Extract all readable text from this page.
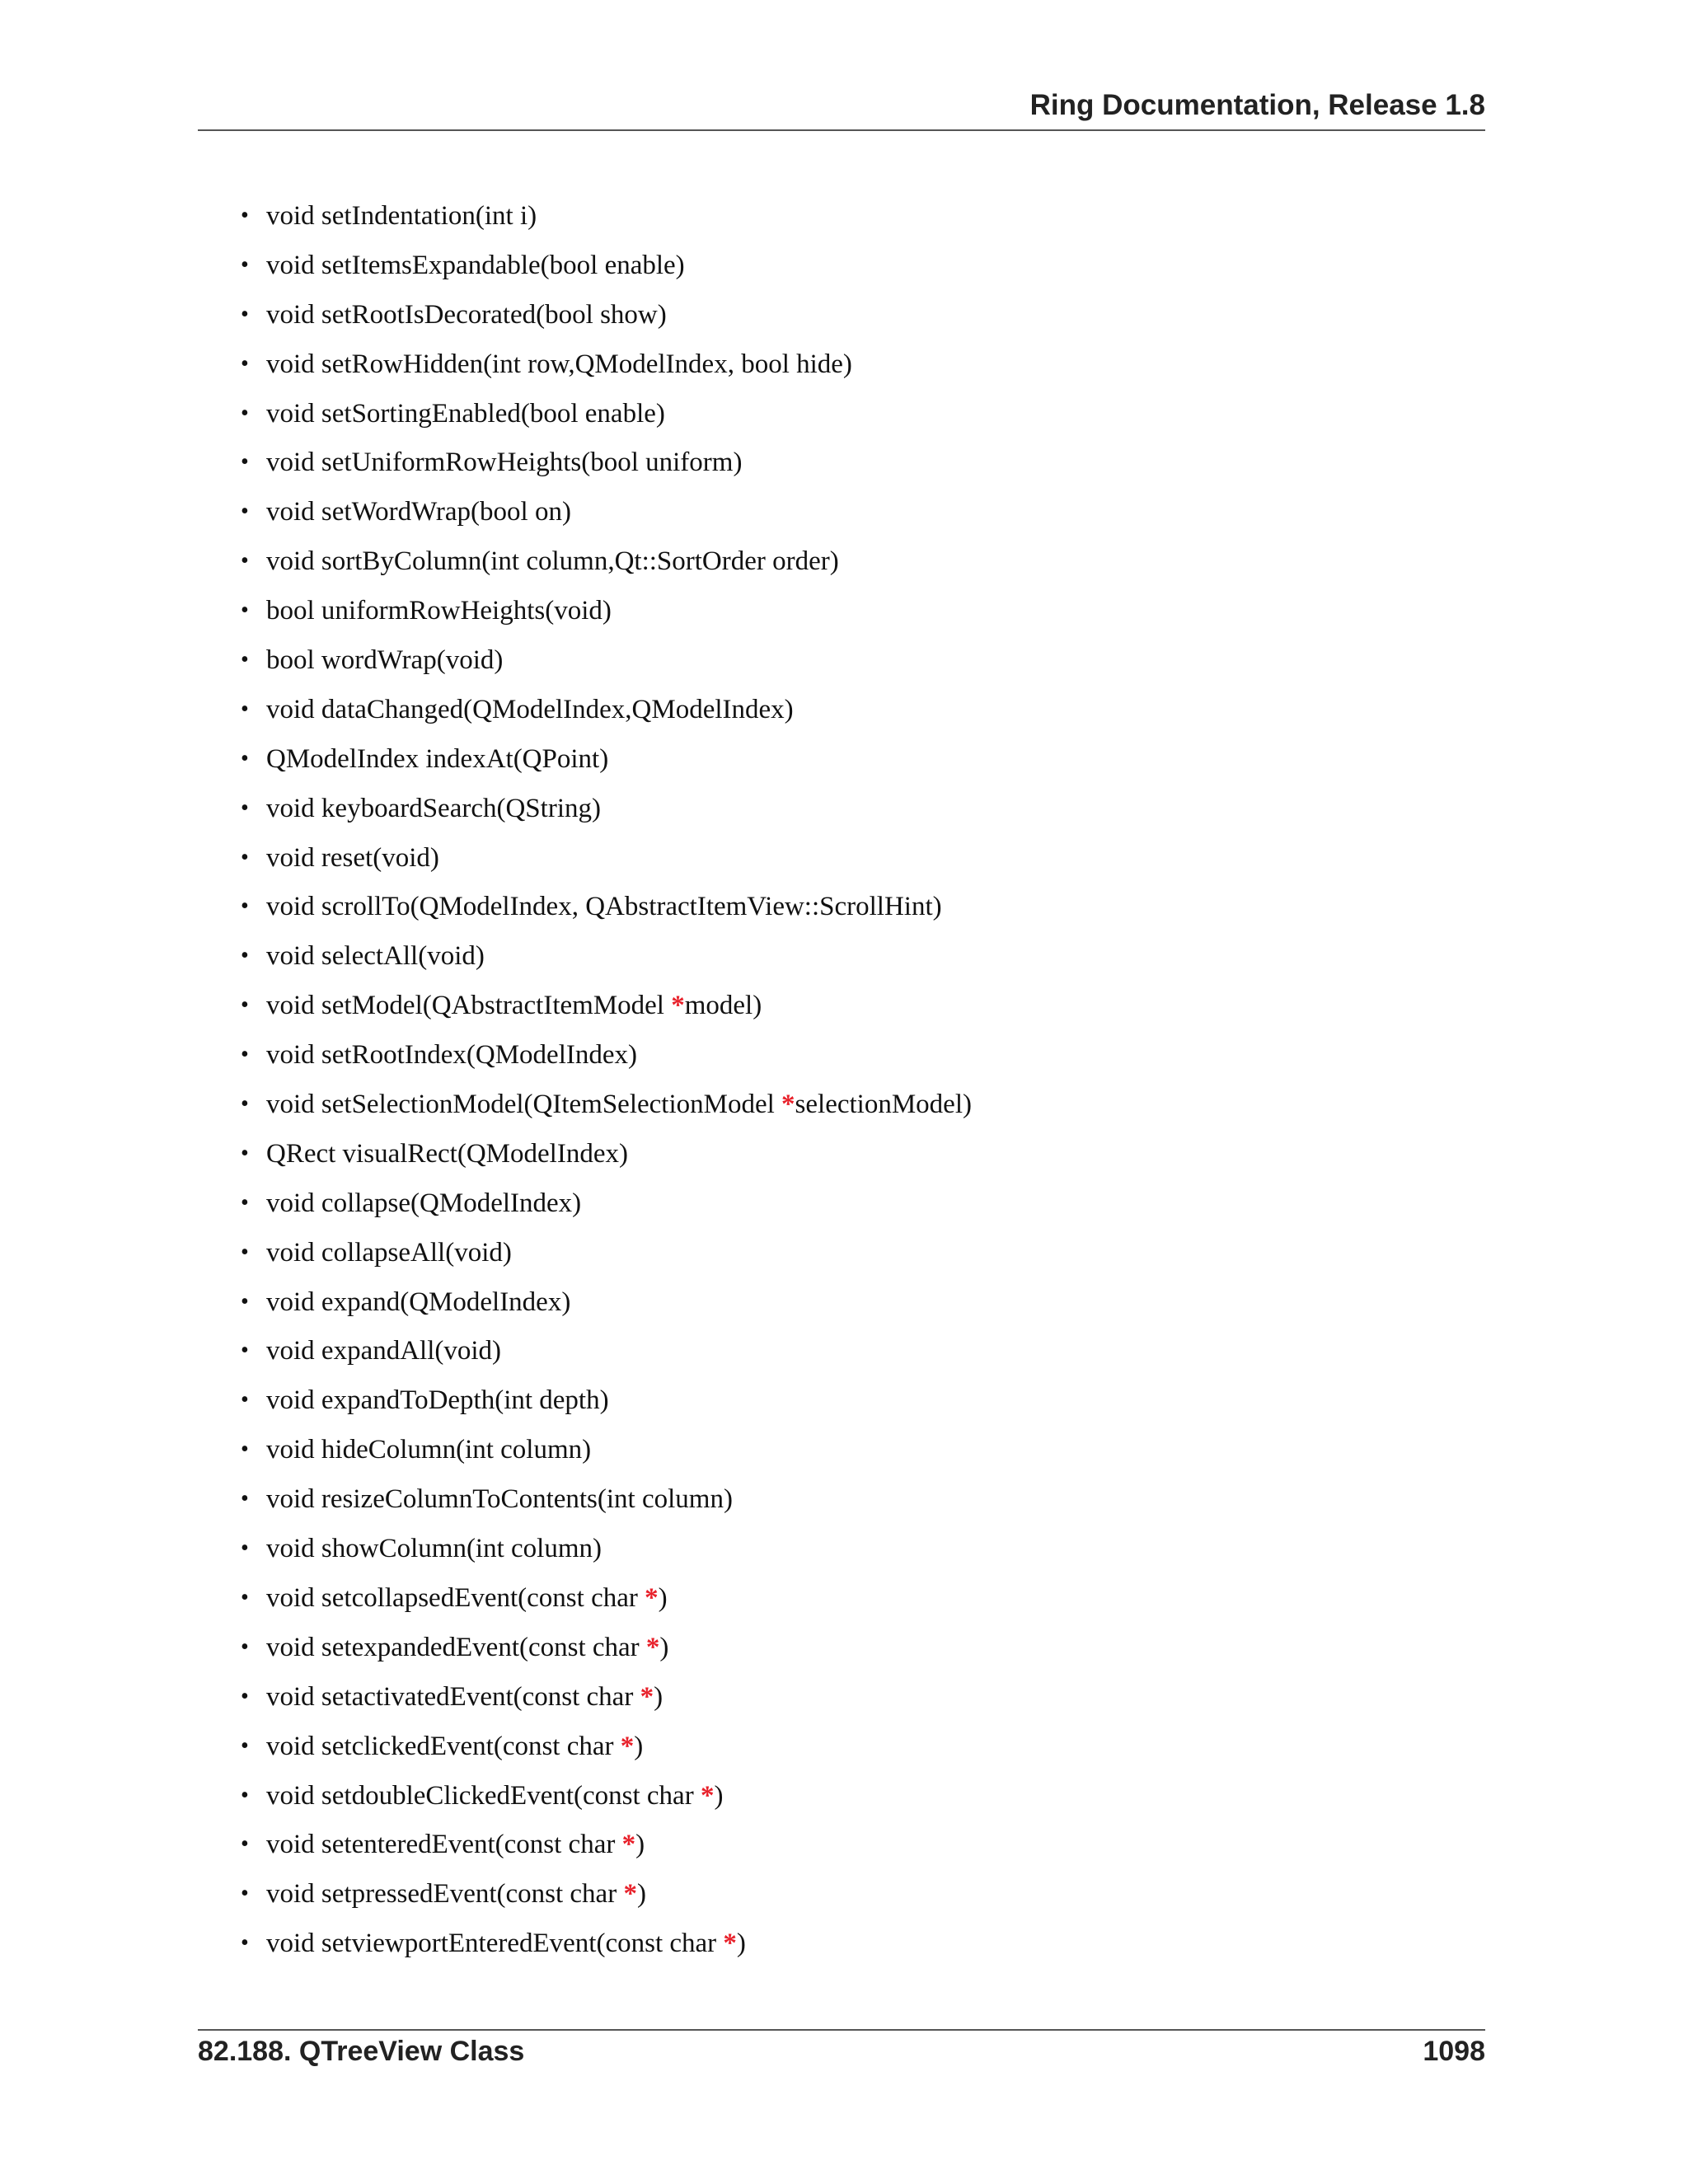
Ring Documentation, Release 1.8
• void setIndentation(int i)
• void setItemsExpandable(bool enable)
• void setRootIsDecorated(bool show)
• void setRowHidden(int row,QModelIndex, bool hide)
• void setSortingEnabled(bool enable)
• void setUniformRowHeights(bool uniform)
• void setWordWrap(bool on)
• void sortByColumn(int column,Qt::SortOrder order)
• bool uniformRowHeights(void)
• bool wordWrap(void)
• void dataChanged(QModelIndex,QModelIndex)
• QModelIndex indexAt(QPoint)
• void keyboardSearch(QString)
• void reset(void)
• void scrollTo(QModelIndex, QAbstractItemView::ScrollHint)
• void selectAll(void)
• void setModel(QAbstractItemModel *model)
• void setRootIndex(QModelIndex)
• void setSelectionModel(QItemSelectionModel *selectionModel)
• QRect visualRect(QModelIndex)
• void collapse(QModelIndex)
• void collapseAll(void)
• void expand(QModelIndex)
• void expandAll(void)
• void expandToDepth(int depth)
• void hideColumn(int column)
• void resizeColumnToContents(int column)
• void showColumn(int column)
• void setcollapsedEvent(const char *)
• void setexpandedEvent(const char *)
• void setactivatedEvent(const char *)
• void setclickedEvent(const char *)
• void setdoubleClickedEvent(const char *)
• void setenteredEvent(const char *)
• void setpressedEvent(const char *)
• void setviewportEnteredEvent(const char *)
82.188. QTreeView Class	1098
